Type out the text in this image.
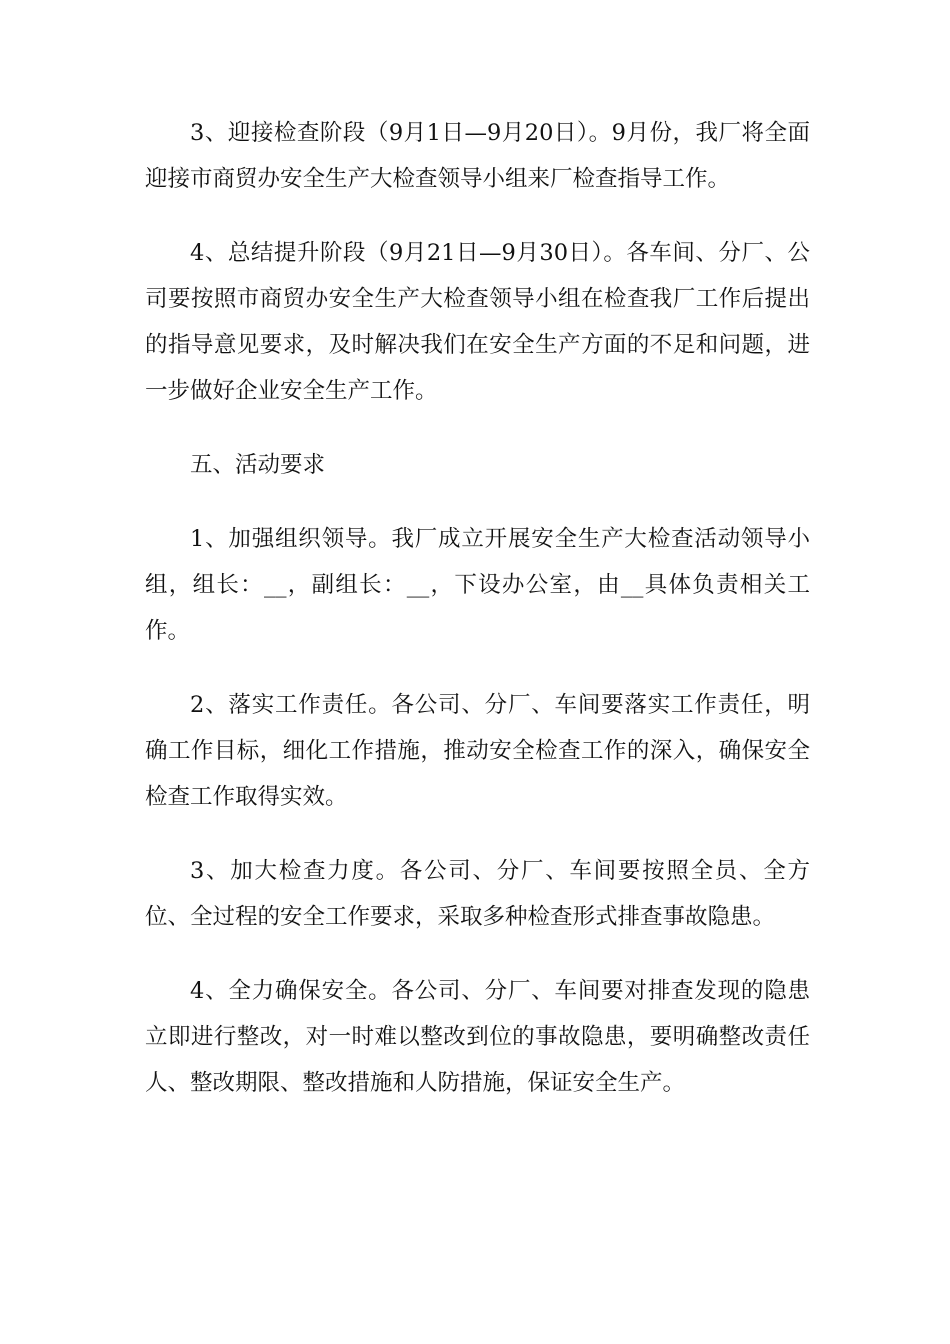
3、迎接检查阶段（9月1日—9月20日）。9月份，我厂将全面迎接市商贸办安全生产大检查领导小组来厂检查指导工作。

4、总结提升阶段（9月21日—9月30日）。各车间、分厂、公司要按照市商贸办安全生产大检查领导小组在检查我厂工作后提出的指导意见要求，及时解决我们在安全生产方面的不足和问题，进一步做好企业安全生产工作。

五、活动要求

1、加强组织领导。我厂成立开展安全生产大检查活动领导小组，组长：__，副组长：__，下设办公室，由__具体负责相关工作。

2、落实工作责任。各公司、分厂、车间要落实工作责任，明确工作目标，细化工作措施，推动安全检查工作的深入，确保安全检查工作取得实效。

3、加大检查力度。各公司、分厂、车间要按照全员、全方位、全过程的安全工作要求，采取多种检查形式排查事故隐患。

4、全力确保安全。各公司、分厂、车间要对排查发现的隐患立即进行整改，对一时难以整改到位的事故隐患，要明确整改责任人、整改期限、整改措施和人防措施，保证安全生产。
